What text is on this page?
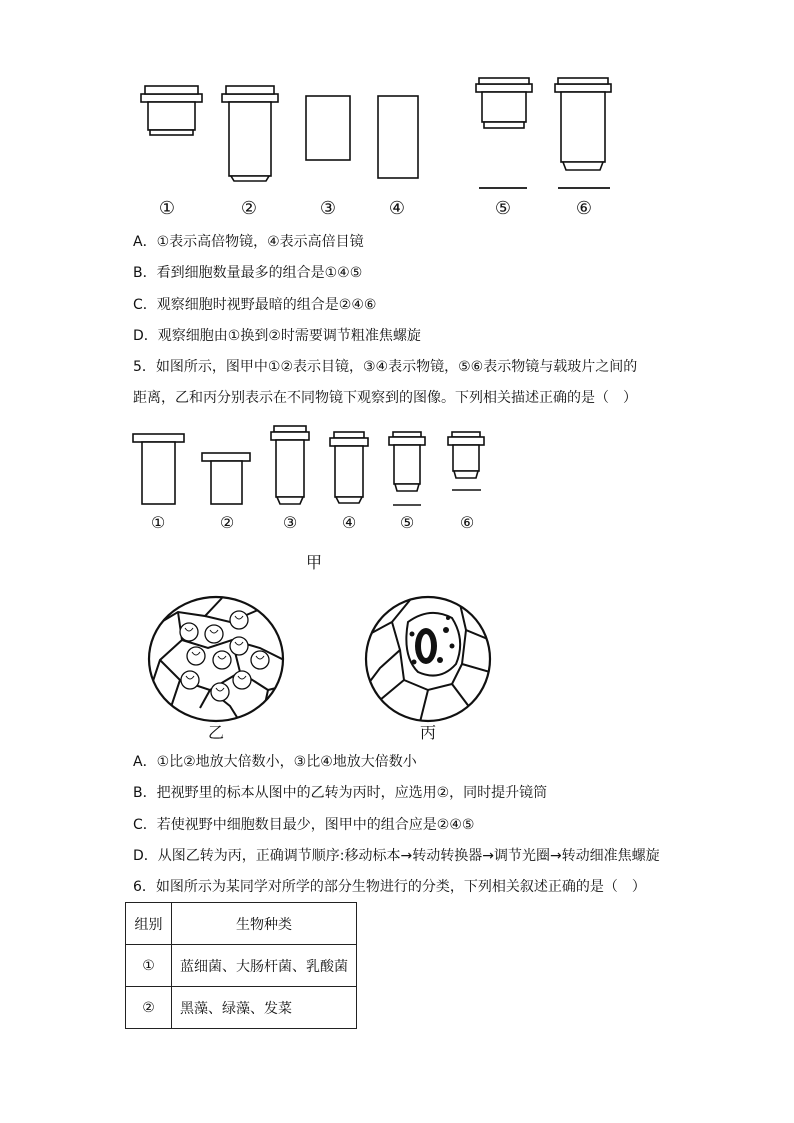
①	②	③	④	⑤	⑥
A．①表示高倍物镜，④表示高倍目镜
B．看到细胞数量最多的组合是①④⑤
C．观察细胞时视野最暗的组合是②④⑥
D．观察细胞由①换到②时需要调节粗准焦螺旋
5．如图所示，图甲中①②表示目镜，③④表示物镜，⑤⑥表示物镜与载玻片之间的
距离，乙和丙分别表示在不同物镜下观察到的图像。下列相关描述正确的是（　）
①	②	③	④	⑤	⑥
甲
乙	丙
A．①比②地放大倍数小，③比④地放大倍数小
B．把视野里的标本从图中的乙转为丙时，应选用②，同时提升镜筒
C．若使视野中细胞数目最少，图甲中的组合应是②④⑤
D．从图乙转为丙，正确调节顺序:移动标本→转动转换器→调节光圈→转动细准焦螺旋
6．如图所示为某同学对所学的部分生物进行的分类，下列相关叙述正确的是（　）
组别	生物种类
①	蓝细菌、大肠杆菌、乳酸菌
②	黑藻、绿藻、发菜
